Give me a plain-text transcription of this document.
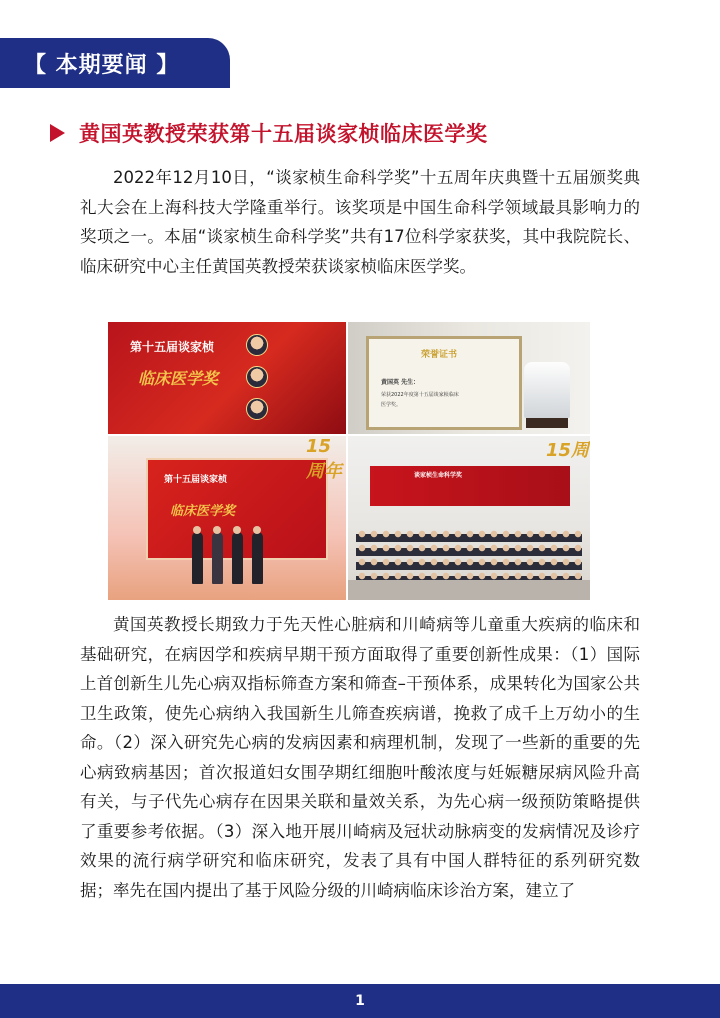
【 本期要闻 】
黄国英教授荣获第十五届谈家桢临床医学奖

2022年12月10日，“谈家桢生命科学奖”十五周年庆典暨十五届颁奖典礼大会在上海科技大学隆重举行。该奖项是中国生命科学领域最具影响力的奖项之一。本届“谈家桢生命科学奖”共有17位科学家获奖，其中我院院长、临床研究中心主任黄国英教授荣获谈家桢临床医学奖。

第十五届谈家桢
临床医学奖
荣誉证书
黄国英 先生：
荣获2022年度第十五届谈家桢临床
医学奖。
第十五届谈家桢
临床医学奖
15周年
15周
谈家桢生命科学奖

黄国英教授长期致力于先天性心脏病和川崎病等儿童重大疾病的临床和基础研究，在病因学和疾病早期干预方面取得了重要创新性成果：（1）国际上首创新生儿先心病双指标筛查方案和筛查–干预体系，成果转化为国家公共卫生政策，使先心病纳入我国新生儿筛查疾病谱，挽救了成千上万幼小的生命。（2）深入研究先心病的发病因素和病理机制，发现了一些新的重要的先心病致病基因；首次报道妇女围孕期红细胞叶酸浓度与妊娠糖尿病风险升高有关，与子代先心病存在因果关联和量效关系，为先心病一级预防策略提供了重要参考依据。（3）深入地开展川崎病及冠状动脉病变的发病情况及诊疗效果的流行病学研究和临床研究，发表了具有中国人群特征的系列研究数据；率先在国内提出了基于风险分级的川崎病临床诊治方案，建立了

1
